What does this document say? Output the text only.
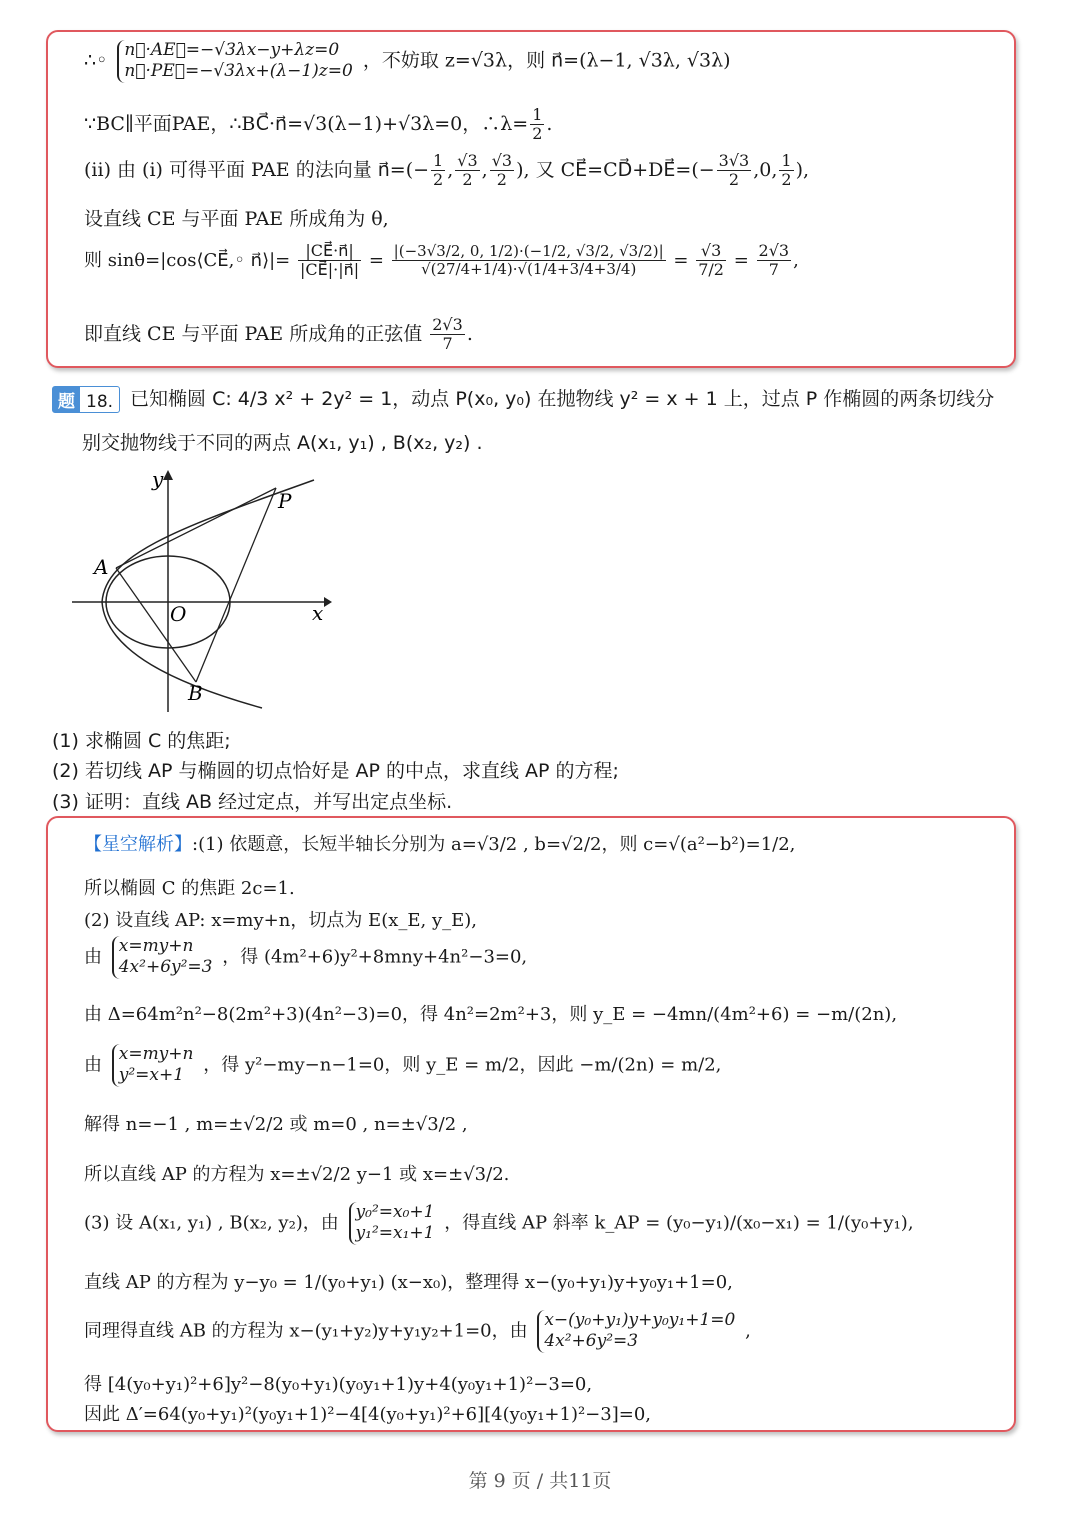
∴◦ n⃗·AE⃗=−√3λx−y+λz=0
n⃗·PE⃗=−√3λx+(λ−1)z=0 ，不妨取 z=√3λ，则 n⃗=(λ−1, √3λ, √3λ)
∵BC∥平面PAE，∴BC⃗·n⃗=√3(λ−1)+√3λ=0，∴λ= $\frac{1}{2}$ .
(ii) 由 (i) 可得平面 PAE 的法向量 n⃗=(− $\frac{1}{2}$ , $\frac{√3}{2}$ , $\frac{√3}{2}$ ), 又 CE⃗=CD⃗+DE⃗=(− $\frac{3√3}{2} ,0$, $\frac{1}{2}$ ),
设直线 CE 与平面 PAE 所成角为 θ,
则 sinθ=|cos⟨CE⃗,◦ n⃗⟩|= $\frac{|CE⃗\cdot n⃗|}{|CE⃗|\cdot|n⃗|} = \frac{|(-3√3/2, 0, 1/2)\cdot(-1/2, √3/2, √3/2)|}{√(27/4+1/4)\cdot√(1/4+3/4+3/4)} = \frac{√3}{7/2} = \frac{2√3}{7}$ ,
即直线 CE 与平面 PAE 所成角的正弦值 $\frac{2√3}{7}$ .
题 18. 已知椭圆 C: 4/3 x² + 2y² = 1，动点 P(x₀, y₀) 在抛物线 y² = x + 1 上，过点 P 作椭圆的两条切线分
别交抛物线于不同的两点 A(x₁, y₁) , B(x₂, y₂) .
y
x
O
A
B
P
(1) 求椭圆 C 的焦距;
(2) 若切线 AP 与椭圆的切点恰好是 AP 的中点，求直线 AP 的方程;
(3) 证明：直线 AB 经过定点，并写出定点坐标.
【星空解析】:(1) 依题意，长短半轴长分别为 a=√3/2 , b=√2/2，则 c=√(a²−b²)=1/2,
所以椭圆 C 的焦距 2c=1.
(2) 设直线 AP: x=my+n，切点为 E(x_E, y_E),
由
x=my+n
4x²+6y²=3 ，得 (4m²+6)y²+8mny+4n²−3=0,
由 Δ=64m²n²−8(2m²+3)(4n²−3)=0，得 4n²=2m²+3，则 y_E = −4mn/(4m²+6) = −m/(2n),
由
x=my+n
y²=x+1	，得 y²−my−n−1=0，则 y_E = m/2，因此 −m/(2n) = m/2,
解得 n=−1 , m=±√2/2 或 m=0 , n=±√3/2 ,
所以直线 AP 的方程为 x=±√2/2 y−1 或 x=±√3/2.
(3) 设 A(x₁, y₁) , B(x₂, y₂)，由
y₀²=x₀+1
y₁²=x₁+1 ，得直线 AP 斜率 k_AP = (y₀−y₁)/(x₀−x₁) = 1/(y₀+y₁),
直线 AP 的方程为 y−y₀ = 1/(y₀+y₁) (x−x₀)，整理得 x−(y₀+y₁)y+y₀y₁+1=0,
同理得直线 AB 的方程为 x−(y₁+y₂)y+y₁y₂+1=0，由
x−(y₀+y₁)y+y₀y₁+1=0
4x²+6y²=3	,
得 [4(y₀+y₁)²+6]y²−8(y₀+y₁)(y₀y₁+1)y+4(y₀y₁+1)²−3=0,
因此 Δ′=64(y₀+y₁)²(y₀y₁+1)²−4[4(y₀+y₁)²+6][4(y₀y₁+1)²−3]=0,
第 9 页 / 共11页
